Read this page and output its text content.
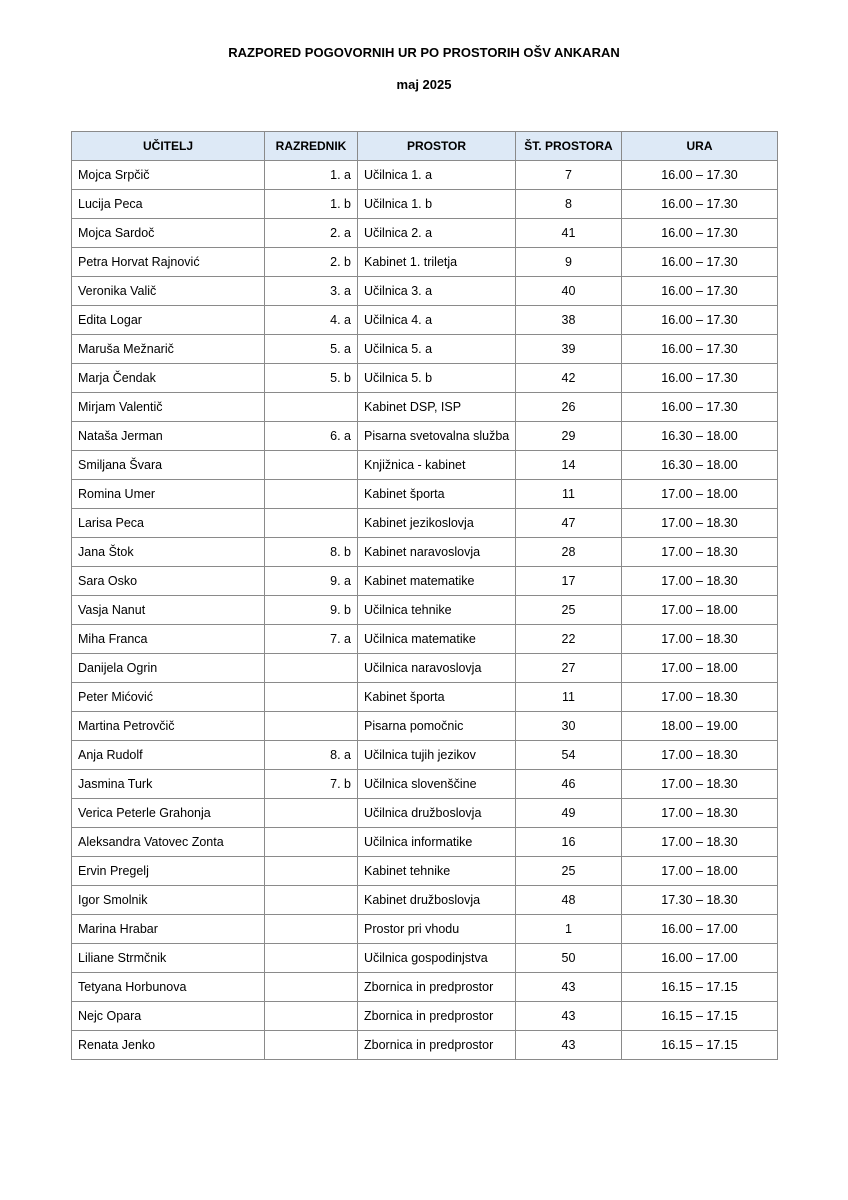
RAZPORED POGOVORNIH UR PO PROSTORIH OŠV ANKARAN
maj 2025
UČITELJ	RAZREDNIK	PROSTOR	ŠT. PROSTORA	URA
Mojca Srpčič	1. a	Učilnica 1. a	7	16.00 – 17.30
Lucija Peca	1. b	Učilnica 1. b	8	16.00 – 17.30
Mojca Sardoč	2. a	Učilnica 2. a	41	16.00 – 17.30
Petra Horvat Rajnović	2. b	Kabinet 1. triletja	9	16.00 – 17.30
Veronika Valič	3. a	Učilnica 3. a	40	16.00 – 17.30
Edita Logar	4. a	Učilnica 4. a	38	16.00 – 17.30
Maruša Mežnarič	5. a	Učilnica 5. a	39	16.00 – 17.30
Marja Čendak	5. b	Učilnica 5. b	42	16.00 – 17.30
Mirjam Valentič		Kabinet DSP, ISP	26	16.00 – 17.30
Nataša Jerman	6. a	Pisarna svetovalna služba	29	16.30 – 18.00
Smiljana Švara		Knjižnica - kabinet	14	16.30 – 18.00
Romina Umer		Kabinet športa	11	17.00 – 18.00
Larisa Peca		Kabinet jezikoslovja	47	17.00 – 18.30
Jana Štok	8. b	Kabinet naravoslovja	28	17.00 – 18.30
Sara Osko	9. a	Kabinet matematike	17	17.00 – 18.30
Vasja Nanut	9. b	Učilnica tehnike	25	17.00 – 18.00
Miha Franca	7. a	Učilnica matematike	22	17.00 – 18.30
Danijela Ogrin		Učilnica naravoslovja	27	17.00 – 18.00
Peter Mićović		Kabinet športa	11	17.00 – 18.30
Martina Petrovčič		Pisarna pomočnic	30	18.00 – 19.00
Anja Rudolf	8. a	Učilnica tujih jezikov	54	17.00 – 18.30
Jasmina Turk	7. b	Učilnica slovenščine	46	17.00 – 18.30
Verica Peterle Grahonja		Učilnica družboslovja	49	17.00 – 18.30
Aleksandra Vatovec Zonta		Učilnica informatike	16	17.00 – 18.30
Ervin Pregelj		Kabinet tehnike	25	17.00 – 18.00
Igor Smolnik		Kabinet družboslovja	48	17.30 – 18.30
Marina Hrabar		Prostor pri vhodu	1	16.00 – 17.00
Liliane Strmčnik		Učilnica gospodinjstva	50	16.00 – 17.00
Tetyana Horbunova		Zbornica in predprostor	43	16.15 – 17.15
Nejc Opara		Zbornica in predprostor	43	16.15 – 17.15
Renata Jenko		Zbornica in predprostor	43	16.15 – 17.15
